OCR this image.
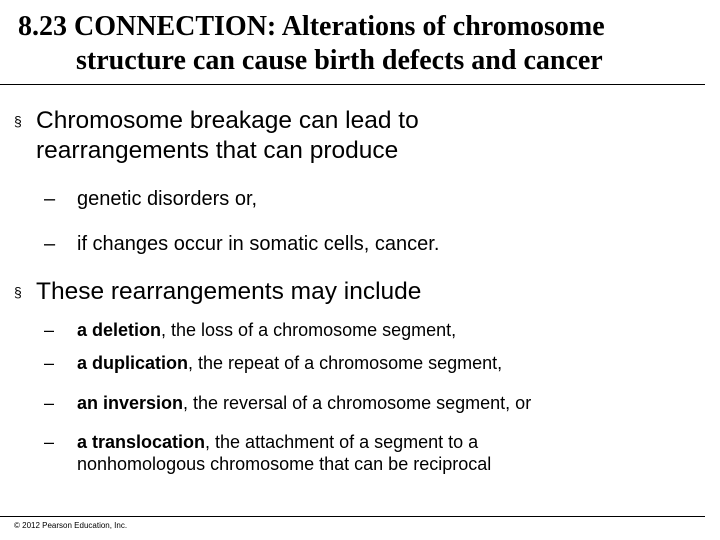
8.23 CONNECTION: Alterations of chromosome
structure can cause birth defects and cancer
§
Chromosome breakage can lead to rearrangements that can produce
–	genetic disorders or,
–	if changes occur in somatic cells, cancer.
§
These rearrangements may include
–	a deletion, the loss of a chromosome segment,
–	a duplication, the repeat of a chromosome segment,
–	an inversion, the reversal of a chromosome segment, or
–	a translocation, the attachment of a segment to a nonhomologous chromosome that can be reciprocal
© 2012 Pearson Education, Inc.
